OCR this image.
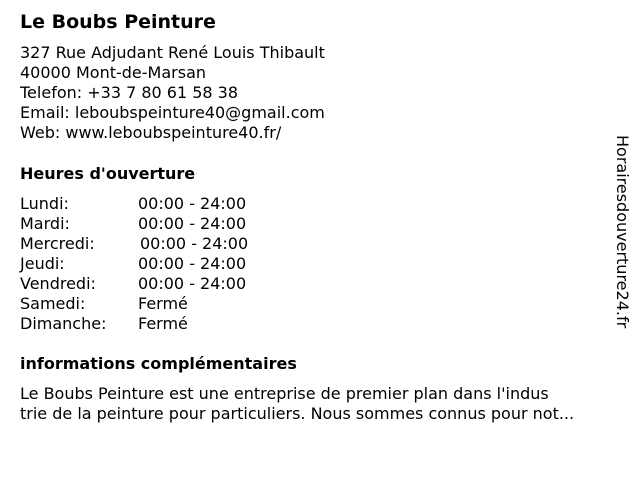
Le Boubs Peinture
327 Rue Adjudant René Louis Thibault
40000 Mont-de-Marsan
Telefon: +33 7 80 61 58 38
Email: leboubspeinture40@gmail.com
Web: www.leboubspeinture40.fr/
Heures d'ouverture
Lundi:	00:00 - 24:00
Mardi:	00:00 - 24:00
Mercredi:	00:00 - 24:00
Jeudi:	00:00 - 24:00
Vendredi:	00:00 - 24:00
Samedi:	Fermé
Dimanche: Fermé
informations complémentaires
Le Boubs Peinture est une entreprise de premier plan dans l'indus
trie de la peinture pour particuliers. Nous sommes connus pour not...
Horairesdouverture24.fr
